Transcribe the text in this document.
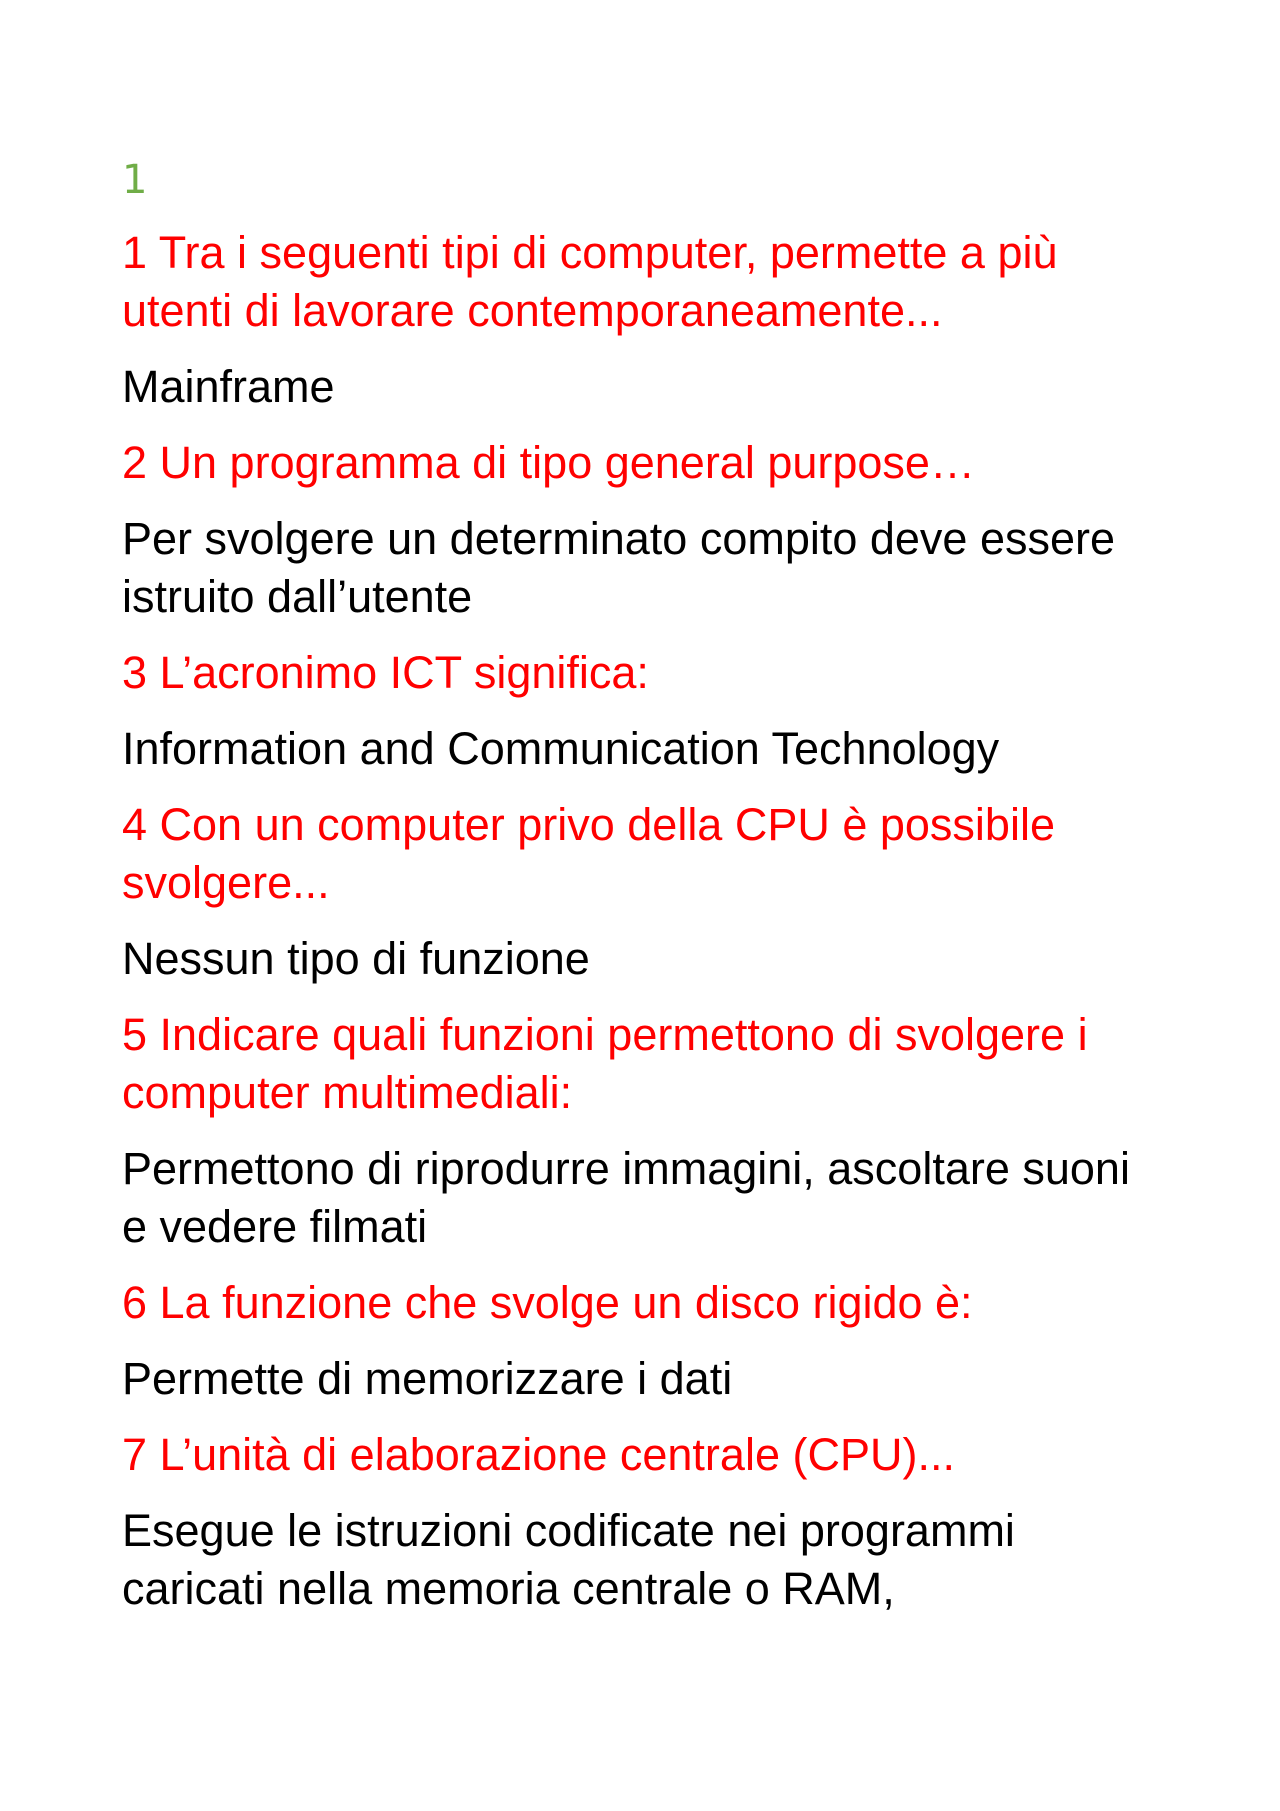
1
1 Tra i seguenti tipi di computer, permette a più utenti di lavorare contemporaneamente...
Mainframe
2 Un programma di tipo general purpose…
Per svolgere un determinato compito deve essere istruito dall’utente
3 L’acronimo ICT significa:
Information and Communication Technology
4 Con un computer privo della CPU è possibile svolgere...
Nessun tipo di funzione
5 Indicare quali funzioni permettono di svolgere i computer multimediali:
Permettono di riprodurre immagini, ascoltare suoni e vedere filmati
6 La funzione che svolge un disco rigido è:
Permette di memorizzare i dati
7 L’unità di elaborazione centrale (CPU)...
Esegue le istruzioni codificate nei programmi caricati nella memoria centrale o RAM,
